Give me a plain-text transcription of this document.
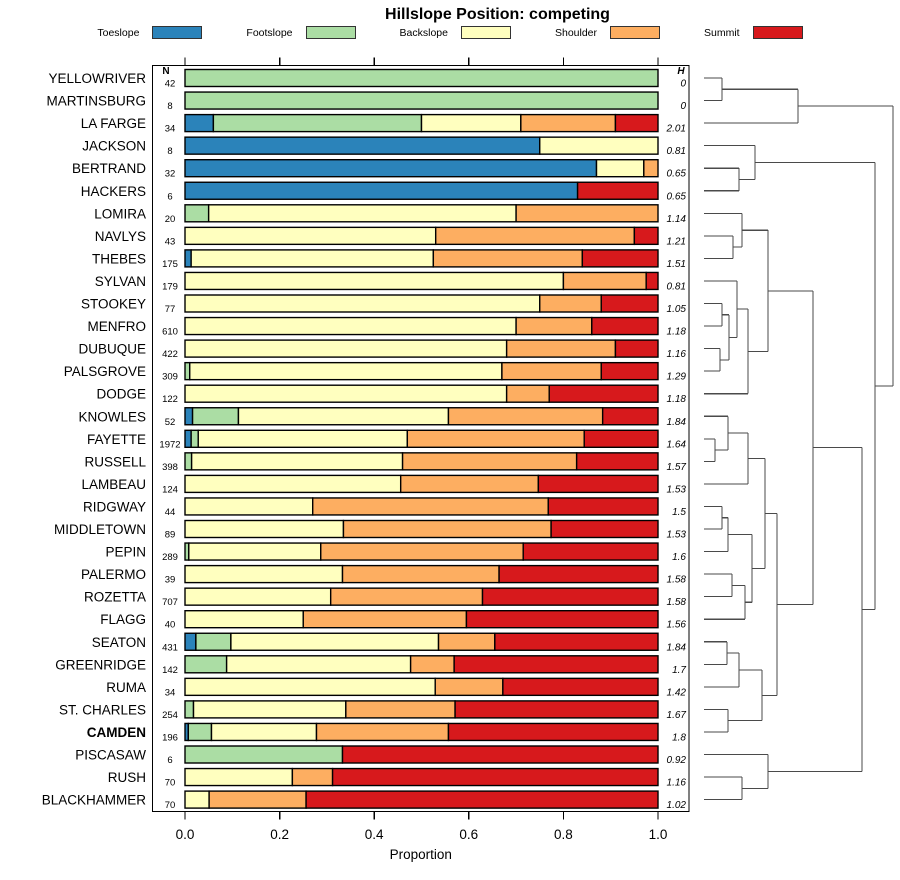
Hillslope Position: competing
Toeslope	Footslope	Backslope	Shoulder	Summit
0.0	0.2	0.4	0.6	0.8	1.0
Proportion
N	H
YELLOWRIVER 42	0
MARTINSBURG 8	0
LA FARGE 34	2.01
JACKSON 8	0.81
BERTRAND 32	0.65
HACKERS 6	0.65
LOMIRA 20	1.14
NAVLYS 43	1.21
THEBES 175	1.51
SYLVAN 179	0.81
STOOKEY 77	1.05
MENFRO 610	1.18
DUBUQUE 422	1.16
PALSGROVE 309	1.29
DODGE 122	1.18
KNOWLES 52	1.84
FAYETTE 1972	1.64
RUSSELL 398	1.57
LAMBEAU 124	1.53
RIDGWAY 44	1.5
MIDDLETOWN 89	1.53
PEPIN 289	1.6
PALERMO 39	1.58
ROZETTA 707	1.58
FLAGG 40	1.56
SEATON 431	1.84
GREENRIDGE 142	1.7
RUMA 34	1.42
ST. CHARLES 254	1.67
CAMDEN 196	1.8
PISCASAW 6	0.92
RUSH 70	1.16
BLACKHAMMER 70	1.02
